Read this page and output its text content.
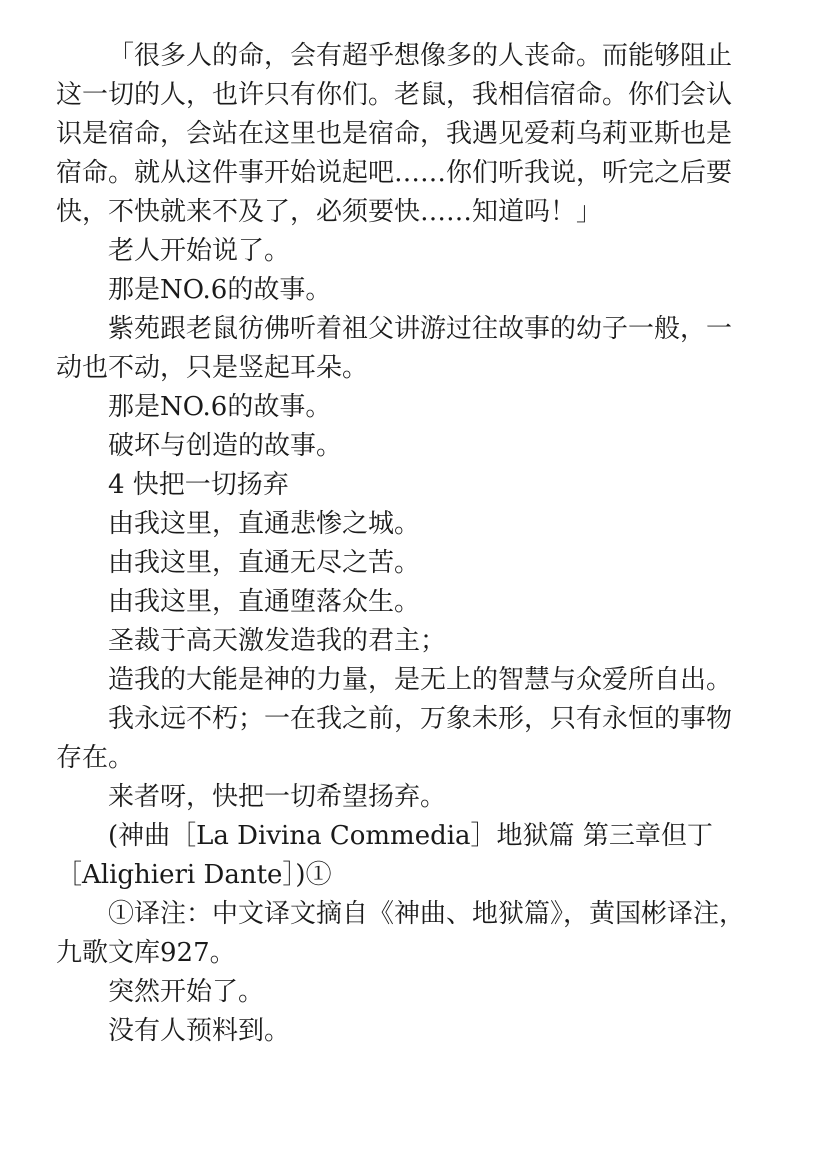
「很多人的命，会有超乎想像多的人丧命。而能够阻止这一切的人，也许只有你们。老鼠，我相信宿命。你们会认识是宿命，会站在这里也是宿命，我遇见爱莉乌莉亚斯也是宿命。就从这件事开始说起吧……你们听我说，听完之后要快，不快就来不及了，必须要快……知道吗！」

老人开始说了。

那是NO.6的故事。

紫苑跟老鼠彷佛听着祖父讲游过往故事的幼子一般，一动也不动，只是竖起耳朵。

那是NO.6的故事。

破坏与创造的故事。

4 快把一切扬弃

由我这里，直通悲惨之城。

由我这里，直通无尽之苦。

由我这里，直通堕落众生。

圣裁于高天激发造我的君主；

造我的大能是神的力量，是无上的智慧与众爱所自出。

我永远不朽；一在我之前，万象未形，只有永恒的事物存在。

来者呀，快把一切希望扬弃。

(神曲［La Divina Commedia］地狱篇 第三章但丁［Alighieri Dante］)①

①译注：中文译文摘自《神曲、地狱篇》，黄国彬译注，九歌文库927。

突然开始了。

没有人预料到。
